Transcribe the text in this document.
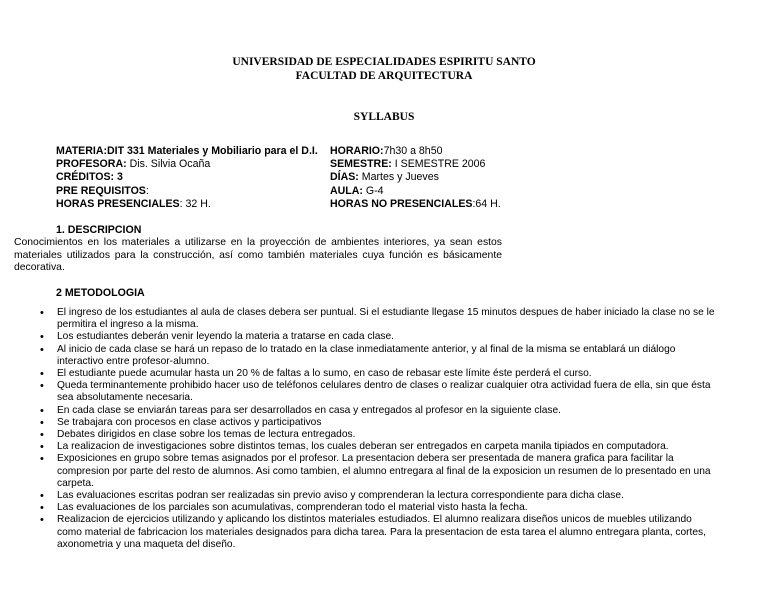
UNIVERSIDAD DE ESPECIALIDADES ESPIRITU SANTO
FACULTAD DE ARQUITECTURA
SYLLABUS
MATERIA:DIT 331 Materiales y Mobiliario para el D.I.
PROFESORA: Dis. Silvia Ocaña
CRÉDITOS: 3
PRE REQUISITOS:
HORAS PRESENCIALES: 32 H.
HORARIO:7h30 a 8h50
SEMESTRE: I SEMESTRE 2006
DÍAS: Martes y Jueves
AULA: G-4
HORAS NO PRESENCIALES:64 H.
1. DESCRIPCION
Conocimientos en los materiales a utilizarse en la proyección de ambientes interiores, ya sean estos materiales utilizados para la construcción, así como también materiales cuya función es básicamente decorativa.
2 METODOLOGIA
• El ingreso de los estudiantes al aula de clases debera ser puntual. Si el estudiante llegase 15 minutos despues de haber iniciado la clase no se le permitira el ingreso a la misma.
• Los estudiantes deberán venir leyendo la materia a tratarse en cada clase.
• Al inicio de cada clase se hará un repaso de lo tratado en la clase inmediatamente anterior, y al final de la misma se entablará un diálogo interactivo entre profesor-alumno.
• El estudiante puede acumular hasta un 20 % de faltas a lo sumo, en caso de rebasar este límite éste perderá el curso.
• Queda terminantemente prohibido hacer uso de teléfonos celulares dentro de clases o realizar cualquier otra actividad fuera de ella, sin que ésta sea absolutamente necesaria.
• En cada clase se enviarán tareas para ser desarrollados en casa y entregados al profesor en la siguiente clase.
• Se trabajara con procesos en clase activos y participativos
• Debates dirigidos en clase sobre los temas de lectura entregados.
• La realizacion de investigaciones sobre distintos temas, los cuales deberan ser entregados en carpeta manila tipiados en computadora.
• Exposiciones en grupo sobre temas asignados por el profesor. La presentacion debera ser presentada de manera grafica para facilitar la compresion por parte del resto de alumnos. Asi como tambien, el alumno entregara al final de la exposicion un resumen de lo presentado en una carpeta.
• Las evaluaciones escritas podran ser realizadas sin previo aviso y comprenderan la lectura correspondiente para dicha clase.
• Las evaluaciones de los parciales son acumulativas, comprenderan todo el material visto hasta la fecha.
• Realizacion de ejercicios utilizando y aplicando los distintos materiales estudiados. El alumno realizara diseños unicos de muebles utilizando como material de fabricacion los materiales designados para dicha tarea. Para la presentacion de esta tarea el alumno entregara planta, cortes, axonometria y una maqueta del diseño.
